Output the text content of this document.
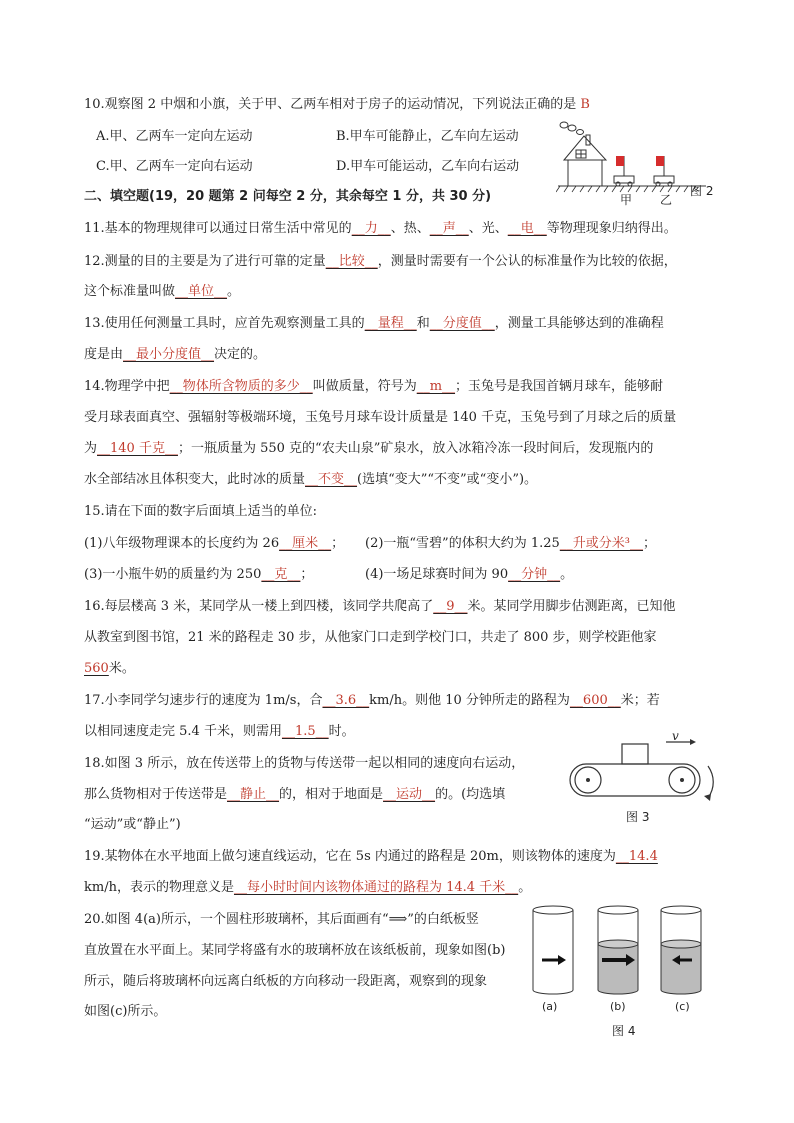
10.观察图 2 中烟和小旗，关于甲、乙两车相对于房子的运动情况，下列说法正确的是 B
A.甲、乙两车一定向左运动	B.甲车可能静止，乙车向左运动
C.甲、乙两车一定向右运动	D.甲车可能运动，乙车向右运动
甲 乙
图 2
二、填空题(19，20 题第 2 问每空 2 分，其余每空 1 分，共 30 分)
11.基本的物理规律可以通过日常生活中常见的__力__、热、__声__、光、__电__等物理现象归纳得出。
12.测量的目的主要是为了进行可靠的定量__比较__，测量时需要有一个公认的标准量作为比较的依据，
这个标准量叫做__单位__。
13.使用任何测量工具时，应首先观察测量工具的__量程__和__分度值__，测量工具能够达到的准确程
度是由__最小分度值__决定的。
14.物理学中把__物体所含物质的多少__叫做质量，符号为__m__；玉兔号是我国首辆月球车，能够耐
受月球表面真空、强辐射等极端环境，玉兔号月球车设计质量是 140 千克，玉兔号到了月球之后的质量
为__140 千克__；一瓶质量为 550 克的“农夫山泉”矿泉水，放入冰箱冷冻一段时间后，发现瓶内的
水全部结冰且体积变大，此时冰的质量__不变__(选填“变大”“不变”或“变小”)。
15.请在下面的数字后面填上适当的单位:
(1)八年级物理课本的长度约为 26__厘米__； (2)一瓶“雪碧”的体积大约为 1.25__升或分米³__；
(3)一小瓶牛奶的质量约为 250__克__；	(4)一场足球赛时间为 90__分钟__。
16.每层楼高 3 米，某同学从一楼上到四楼，该同学共爬高了__9__米。某同学用脚步估测距离，已知他
从教室到图书馆，21 米的路程走 30 步，从他家门口走到学校门口，共走了 800 步，则学校距他家
560米。
17.小李同学匀速步行的速度为 1m/s，合__3.6__km/h。则他 10 分钟所走的路程为__600__米；若
以相同速度走完 5.4 千米，则需用__1.5__时。
18.如图 3 所示，放在传送带上的货物与传送带一起以相同的速度向右运动，
那么货物相对于传送带是__静止__的，相对于地面是__运动__的。(均选填
“运动”或“静止”)
v
图 3
19.某物体在水平地面上做匀速直线运动，它在 5s 内通过的路程是 20m，则该物体的速度为__14.4
km/h，表示的物理意义是__每小时时间内该物体通过的路程为 14.4 千米__。
20.如图 4(a)所示，一个圆柱形玻璃杯，其后面画有“⟹”的白纸板竖
直放置在水平面上。某同学将盛有水的玻璃杯放在该纸板前，现象如图(b)
所示，随后将玻璃杯向远离白纸板的方向移动一段距离，观察到的现象
如图(c)所示。	(a)	(b)	(c)
图 4
